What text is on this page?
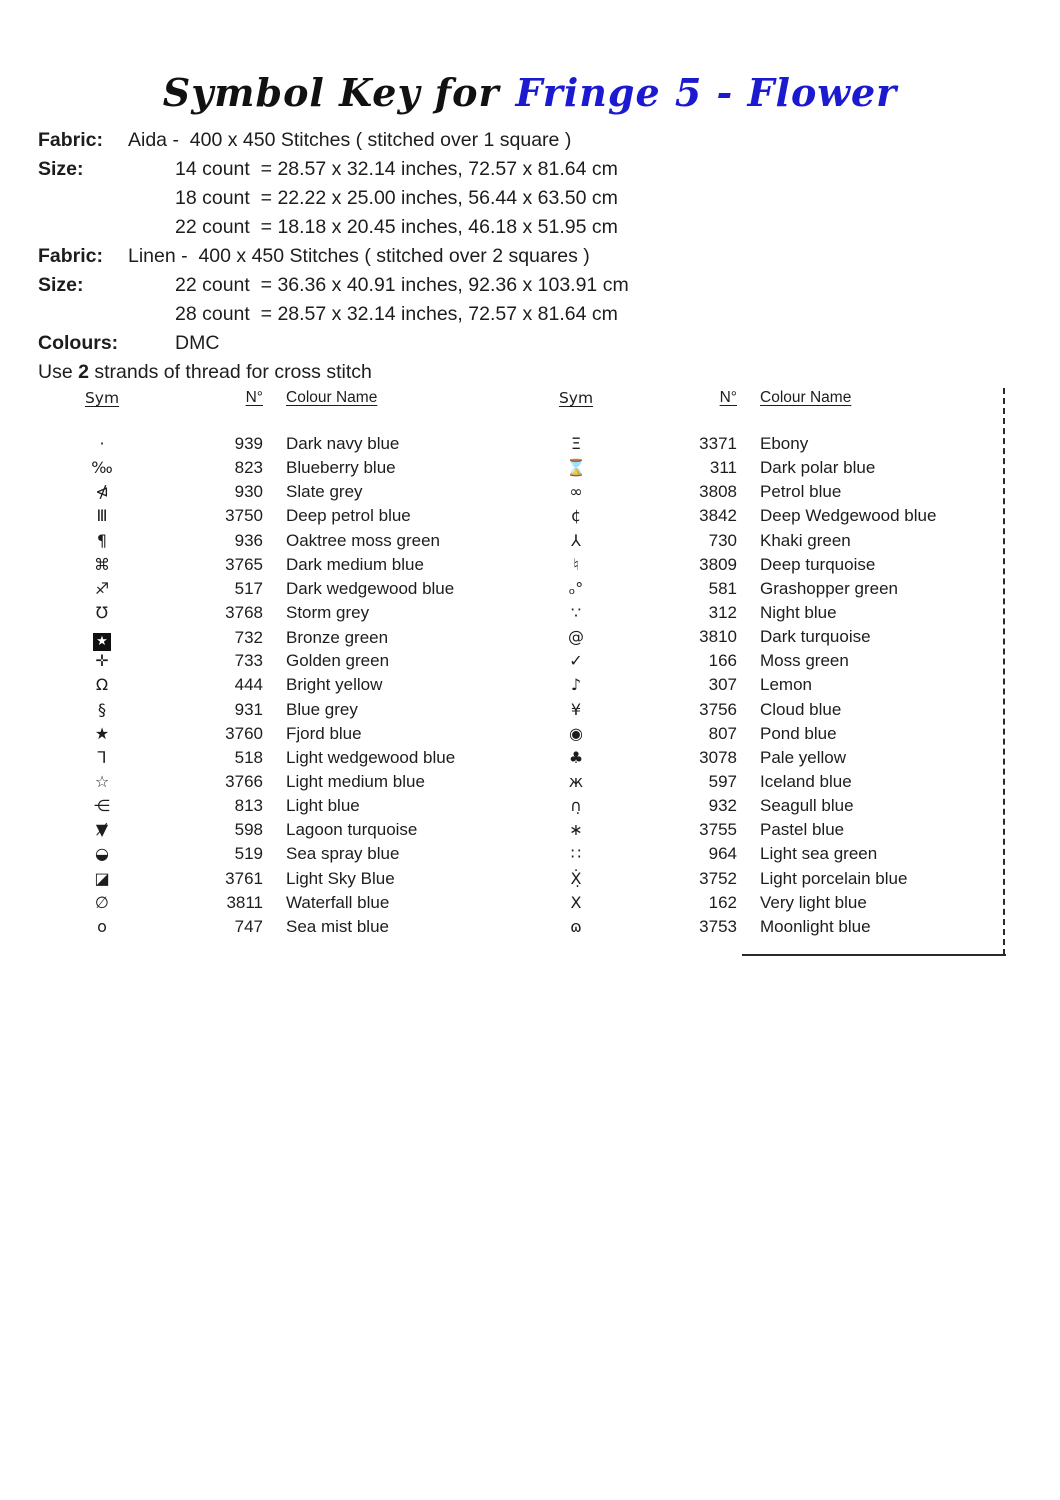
Symbol Key for Fringe 5 - Flower
Fabric:	Aida -  400 x 450 Stitches ( stitched over 1 square )
Size:	14 count  = 28.57 x 32.14 inches, 72.57 x 81.64 cm
18 count  = 22.22 x 25.00 inches, 56.44 x 63.50 cm
22 count  = 18.18 x 20.45 inches, 46.18 x 51.95 cm
Fabric:	Linen -  400 x 450 Stitches ( stitched over 2 squares )
Size:	22 count  = 36.36 x 40.91 inches, 92.36 x 103.91 cm
28 count  = 28.57 x 32.14 inches, 72.57 x 81.64 cm
Colours:	DMC
Use 2 strands of thread for cross stitch
Sym	N°	Colour Name
·	939	Dark navy blue
‰	823	Blueberry blue
⋪	930	Slate grey
Ⅲ	3750	Deep petrol blue
¶	936	Oaktree moss green
⌘	3765	Dark medium blue
♐	517	Dark wedgewood blue
℧	3768	Storm grey
★	732	Bronze green
✛	733	Golden green
Ω	444	Bright yellow
§	931	Blue grey
★	3760	Fjord blue
⅂	518	Light wedgewood blue
☆	3766	Light medium blue
⋲	813	Light blue
▼̸	598	Lagoon turquoise
◒	519	Sea spray blue
◪	3761	Light Sky Blue
∅	3811	Waterfall blue
o	747	Sea mist blue
Sym	N°	Colour Name
Ξ	3371	Ebony
⌛	311	Dark polar blue
∞	3808	Petrol blue
¢	3842	Deep Wedgewood blue
⅄	730	Khaki green
♮	3809	Deep turquoise
ₒ°	581	Grashopper green
∵	312	Night blue
@	3810	Dark turquoise
✓	166	Moss green
♪	307	Lemon
¥	3756	Cloud blue
◉	807	Pond blue
♣	3078	Pale yellow
ж	597	Iceland blue
∩̣	932	Seagull blue
∗	3755	Pastel blue
∷	964	Light sea green
Ẋ̣	3752	Light porcelain blue
X	162	Very light blue
ɷ	3753	Moonlight blue
